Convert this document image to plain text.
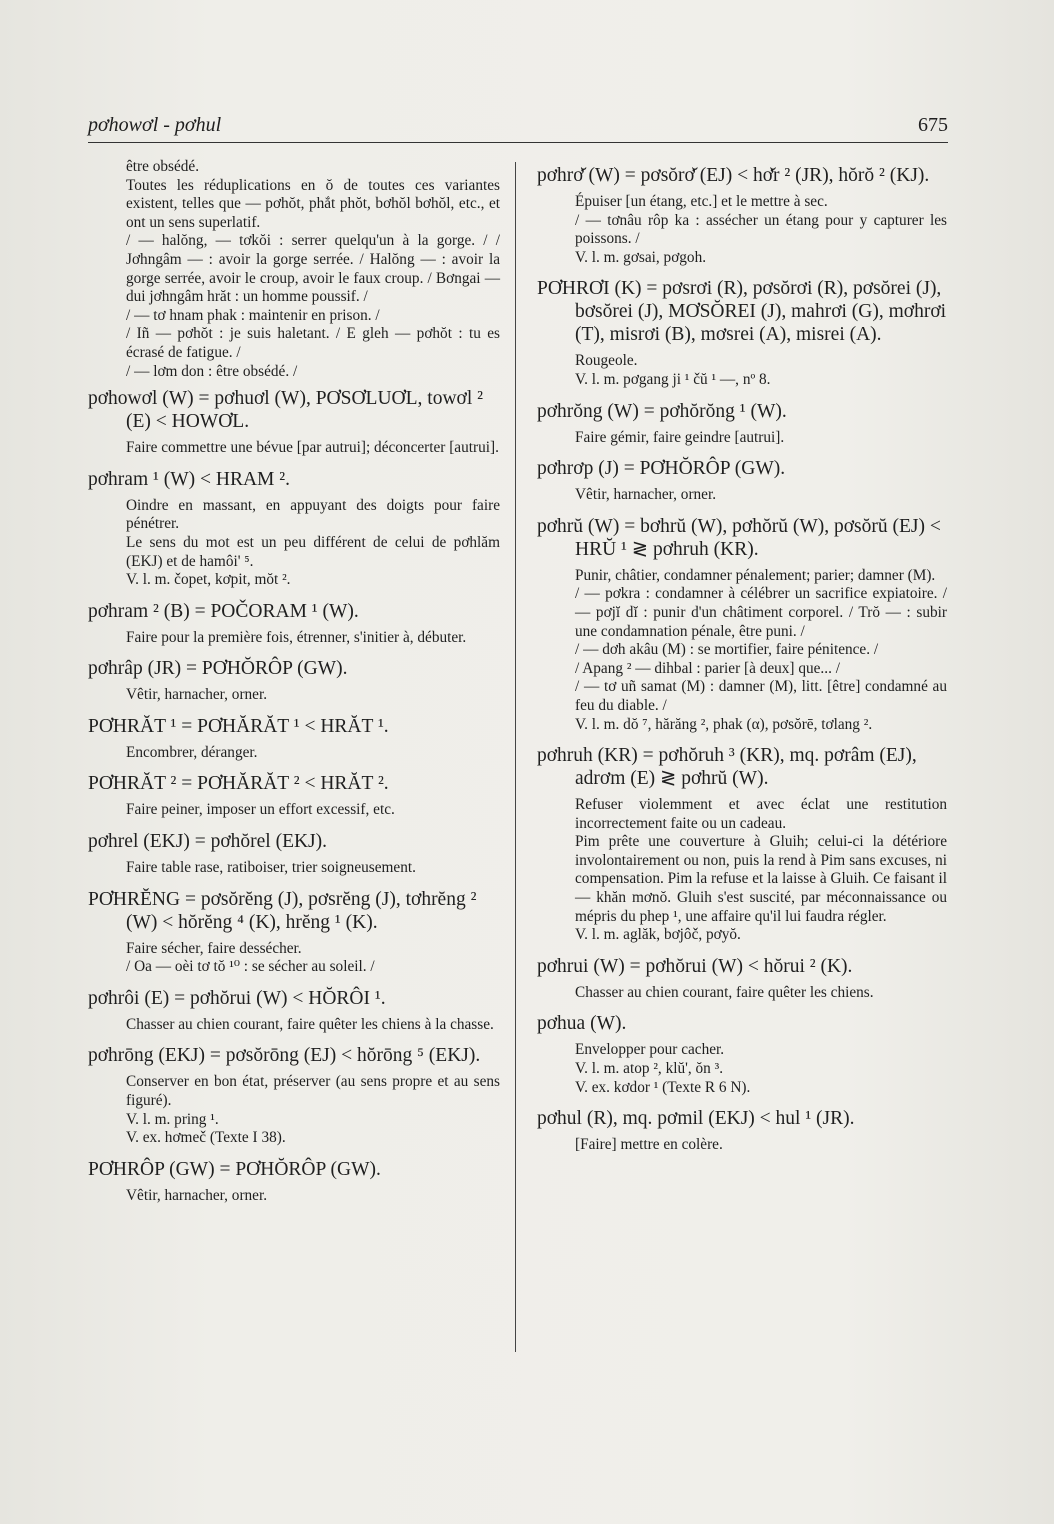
pơhowơl - pơhul	675

être obsédé.

Toutes les réduplications en ŏ de toutes ces variantes existent, telles que — pơhŏt, phắt phŏt, bơhŏl bơhŏl, etc., et ont un sens superlatif.

/ — halŏng, — tơkŏi : serrer quelqu'un à la gorge. / / Jơhngâm — : avoir la gorge serrée. / Halŏng — : avoir la gorge serrée, avoir le croup, avoir le faux croup. / Bơngai — dui jơhngâm hrăt : un homme poussif. /

/ — tơ hnam phak : maintenir en prison. /

/ Iñ — pơhŏt : je suis haletant. / E gleh — pơhŏt : tu es écrasé de fatigue. /

/ — lơm don : être obsédé. /

pơhowơl (W) = pơhuơl (W), PƠSƠLUƠL, towơl ² (E) < HOWƠL.

Faire commettre une bévue [par autrui]; déconcerter [autrui].

pơhram ¹ (W) < HRAM ².

Oindre en massant, en appuyant des doigts pour faire pénétrer.

Le sens du mot est un peu différent de celui de pơhlăm (EKJ) et de hamôi' ⁵.

V. l. m. čopet, kơpit, mŏt ².

pơhram ² (B) = POČORAM ¹ (W).

Faire pour la première fois, étrenner, s'initier à, débuter.

pơhrâp (JR) = PƠHŎRÔP (GW).

Vêtir, harnacher, orner.

PƠHRĂT ¹ = PƠHĂRĂT ¹ < HRĂT ¹.

Encombrer, déranger.

PƠHRĂT ² = PƠHĂRĂT ² < HRĂT ².

Faire peiner, imposer un effort excessif, etc.

pơhrel (EKJ) = pơhŏrel (EKJ).

Faire table rase, ratiboiser, trier soigneusement.

PƠHRĔNG = pơsŏrĕng (J), pơsrĕng (J), tơhrĕng ² (W) < hŏrĕng ⁴ (K), hrĕng ¹ (K).

Faire sécher, faire dessécher.

/ Oa — oèi tơ tŏ ¹⁰ : se sécher au soleil. /

pơhrôi (E) = pơhŏrui (W) < HŎRÔI ¹.

Chasser au chien courant, faire quêter les chiens à la chasse.

pơhrōng (EKJ) = pơsŏrōng (EJ) < hŏrōng ⁵ (EKJ).

Conserver en bon état, préserver (au sens propre et au sens figuré).

V. l. m. pring ¹.

V. ex. hơmeč (Texte I 38).

PƠHRÔP (GW) = PƠHŎRÔP (GW).

Vêtir, harnacher, orner.

pơhrơ̆ (W) = pơsŏrơ̆ (EJ) < hơ̆r ² (JR), hŏrŏ ² (KJ).

Épuiser [un étang, etc.] et le mettre à sec.

/ — tơnâu rôp ka : assécher un étang pour y capturer les poissons. /

V. l. m. gơsai, pơgoh.

PƠHRƠI (K) = pơsrơi (R), pơsŏrơi (R), pơsŏrei (J), bơsŏrei (J), MƠSŎREI (J), mahrơi (G), mơhrơi (T), misrơi (B), mơsrei (A), misrei (A).

Rougeole.

V. l. m. pơgang ji ¹ čŭ ¹ —, nº 8.

pơhrŏng (W) = pơhŏrŏng ¹ (W).

Faire gémir, faire geindre [autrui].

pơhrơp (J) = PƠHŎRÔP (GW).

Vêtir, harnacher, orner.

pơhrŭ (W) = bơhrŭ (W), pơhŏrŭ (W), pơsŏrŭ (EJ) < HRŬ ¹ ≷ pơhruh (KR).

Punir, châtier, condamner pénalement; parier; damner (M).

/ — pơkra : condamner à célébrer un sacrifice expiatoire. / — pơjĭ dĭ : punir d'un châtiment corporel. / Trŏ — : subir une condamnation pénale, être puni. /

/ — dơh akâu (M) : se mortifier, faire pénitence. /

/ Apang ² — dihbal : parier [à deux] que... /

/ — tơ uñ samat (M) : damner (M), litt. [être] condamné au feu du diable. /

V. l. m. dŏ ⁷, hărăng ², phak (α), pơsŏrē, tơlang ².

pơhruh (KR) = pơhŏruh ³ (KR), mq. pơrâm (EJ), adrơm (E) ≷ pơhrŭ (W).

Refuser violemment et avec éclat une restitution incorrectement faite ou un cadeau.

Pim prête une couverture à Gluih; celui-ci la détériore involontairement ou non, puis la rend à Pim sans excuses, ni compensation. Pim la refuse et la laisse à Gluih. Ce faisant il — khăn mơnŏ. Gluih s'est suscité, par méconnaissance ou mépris du phep ¹, une affaire qu'il lui faudra régler.

V. l. m. aglăk, bơjôč, pơyŏ.

pơhrui (W) = pơhŏrui (W) < hŏrui ² (K).

Chasser au chien courant, faire quêter les chiens.

pơhua (W).

Envelopper pour cacher.

V. l. m. atop ², klŭ', ŏn ³.

V. ex. kơdor ¹ (Texte R 6 N).

pơhul (R), mq. pơmil (EKJ) < hul ¹ (JR).

[Faire] mettre en colère.
